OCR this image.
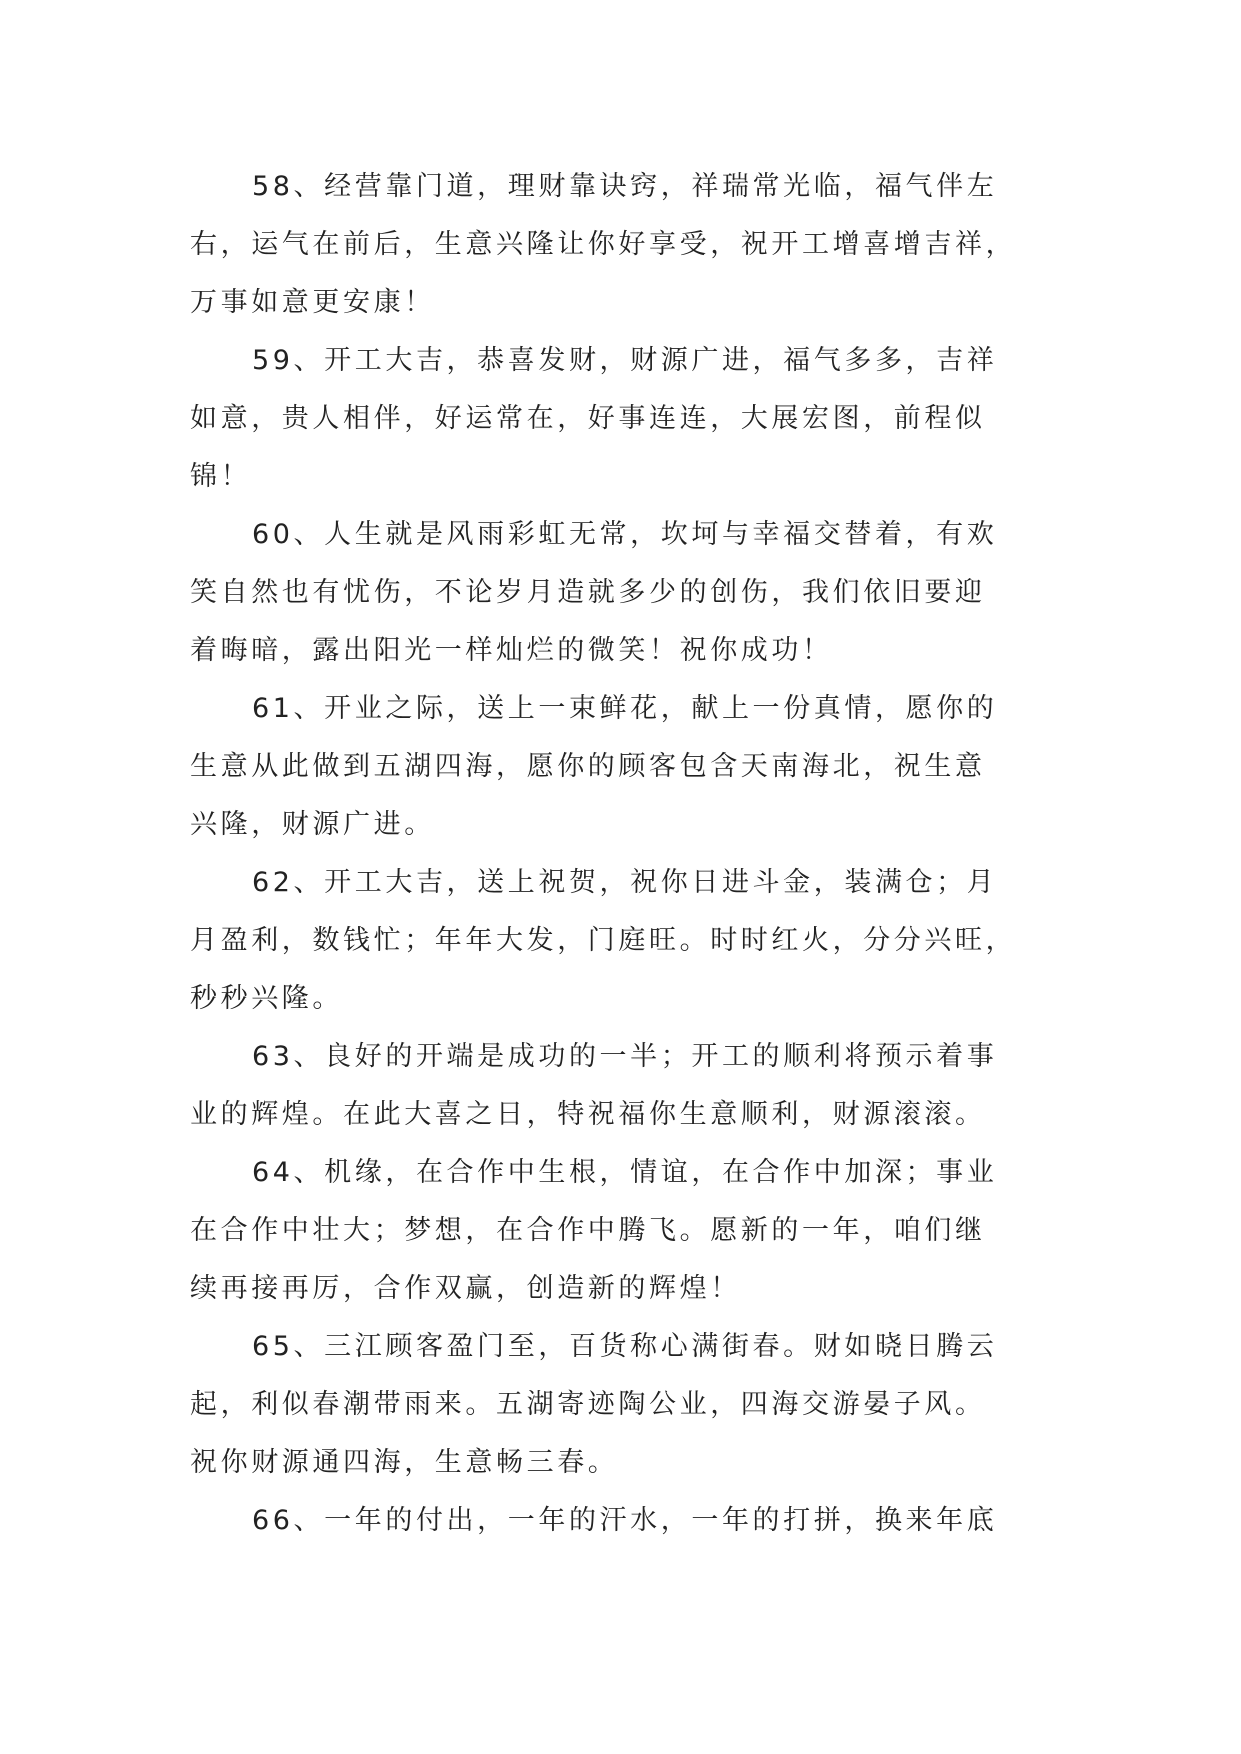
58、经营靠门道，理财靠诀窍，祥瑞常光临，福气伴左
右，运气在前后，生意兴隆让你好享受，祝开工增喜增吉祥，
万事如意更安康！

59、开工大吉，恭喜发财，财源广进，福气多多，吉祥
如意，贵人相伴，好运常在，好事连连，大展宏图，前程似
锦！

60、人生就是风雨彩虹无常，坎坷与幸福交替着，有欢
笑自然也有忧伤，不论岁月造就多少的创伤，我们依旧要迎
着晦暗，露出阳光一样灿烂的微笑！祝你成功！

61、开业之际，送上一束鲜花，献上一份真情，愿你的
生意从此做到五湖四海，愿你的顾客包含天南海北，祝生意
兴隆，财源广进。

62、开工大吉，送上祝贺，祝你日进斗金，装满仓；月
月盈利，数钱忙；年年大发，门庭旺。时时红火，分分兴旺，
秒秒兴隆。

63、良好的开端是成功的一半；开工的顺利将预示着事
业的辉煌。在此大喜之日，特祝福你生意顺利，财源滚滚。

64、机缘，在合作中生根，情谊，在合作中加深；事业
在合作中壮大；梦想，在合作中腾飞。愿新的一年，咱们继
续再接再厉，合作双赢，创造新的辉煌！

65、三江顾客盈门至，百货称心满街春。财如晓日腾云
起，利似春潮带雨来。五湖寄迹陶公业，四海交游晏子风。
祝你财源通四海，生意畅三春。

66、一年的付出，一年的汗水，一年的打拼，换来年底
